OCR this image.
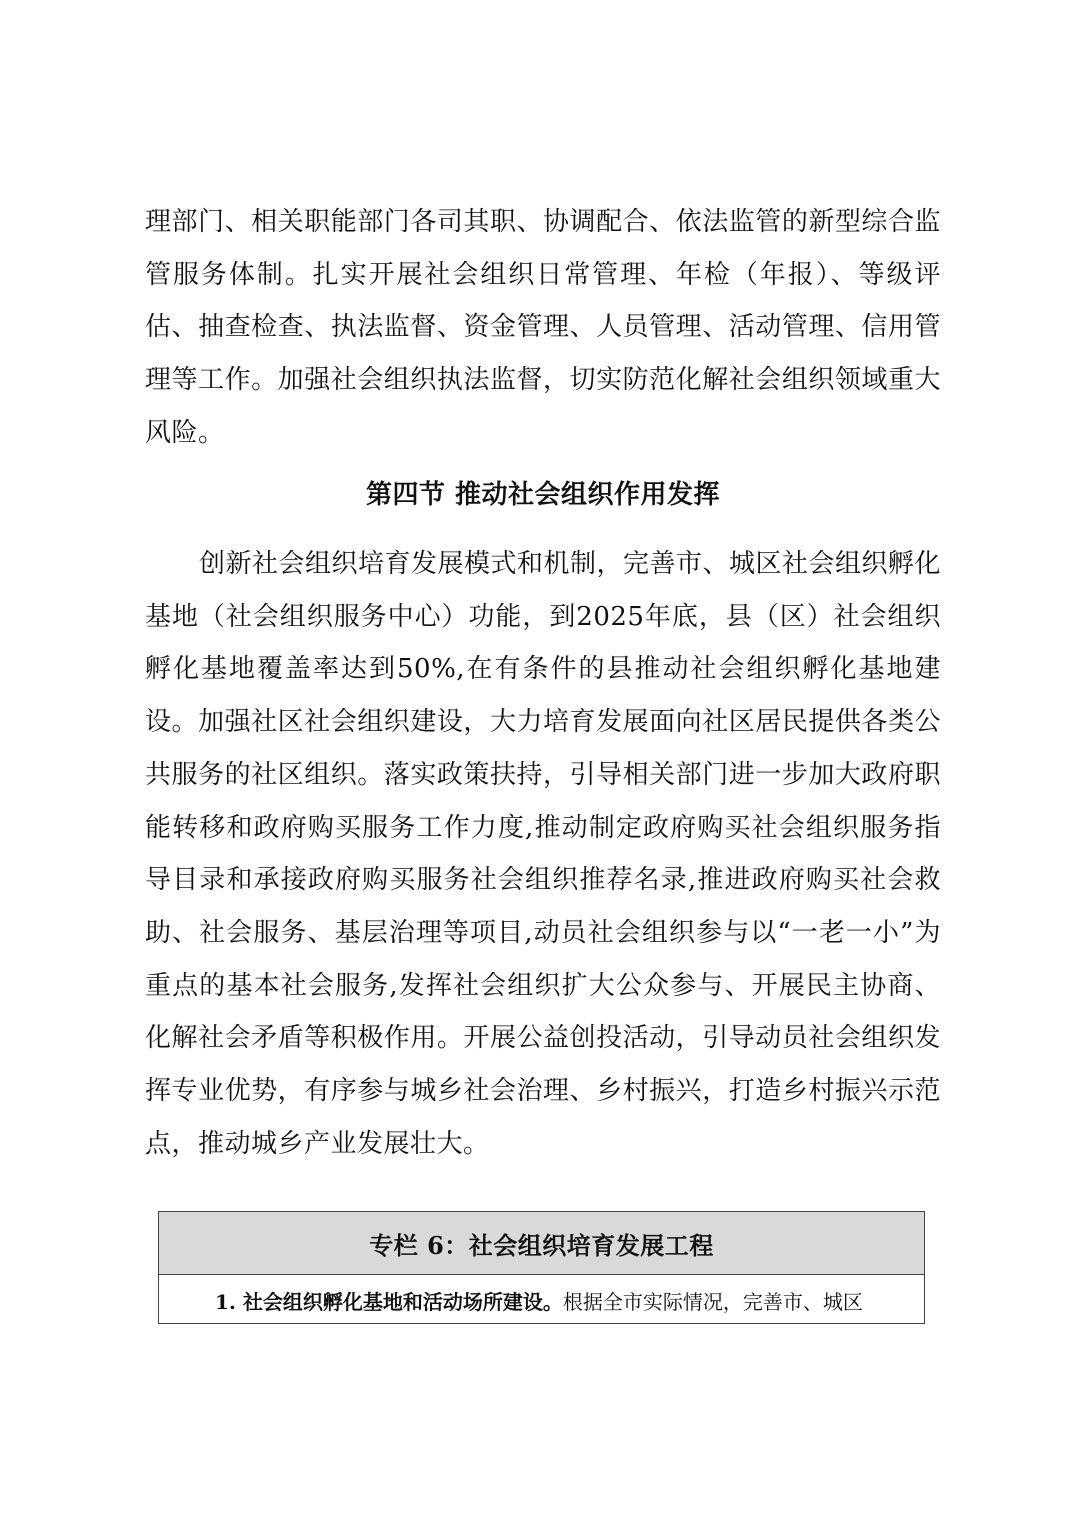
理部门、相关职能部门各司其职、协调配合、依法监管的新型综合监管服务体制。扎实开展社会组织日常管理、年检（年报）、等级评估、抽查检查、执法监督、资金管理、人员管理、活动管理、信用管理等工作。加强社会组织执法监督，切实防范化解社会组织领域重大风险。
第四节 推动社会组织作用发挥
创新社会组织培育发展模式和机制，完善市、城区社会组织孵化基地（社会组织服务中心）功能，到2025年底，县（区）社会组织孵化基地覆盖率达到50%,在有条件的县推动社会组织孵化基地建设。加强社区社会组织建设，大力培育发展面向社区居民提供各类公共服务的社区组织。落实政策扶持，引导相关部门进一步加大政府职能转移和政府购买服务工作力度,推动制定政府购买社会组织服务指导目录和承接政府购买服务社会组织推荐名录,推进政府购买社会救助、社会服务、基层治理等项目,动员社会组织参与以“一老一小”为重点的基本社会服务,发挥社会组织扩大公众参与、开展民主协商、化解社会矛盾等积极作用。开展公益创投活动，引导动员社会组织发挥专业优势，有序参与城乡社会治理、乡村振兴，打造乡村振兴示范点，推动城乡产业发展壮大。
专栏 6：社会组织培育发展工程
1. 社会组织孵化基地和活动场所建设。根据全市实际情况，完善市、城区
